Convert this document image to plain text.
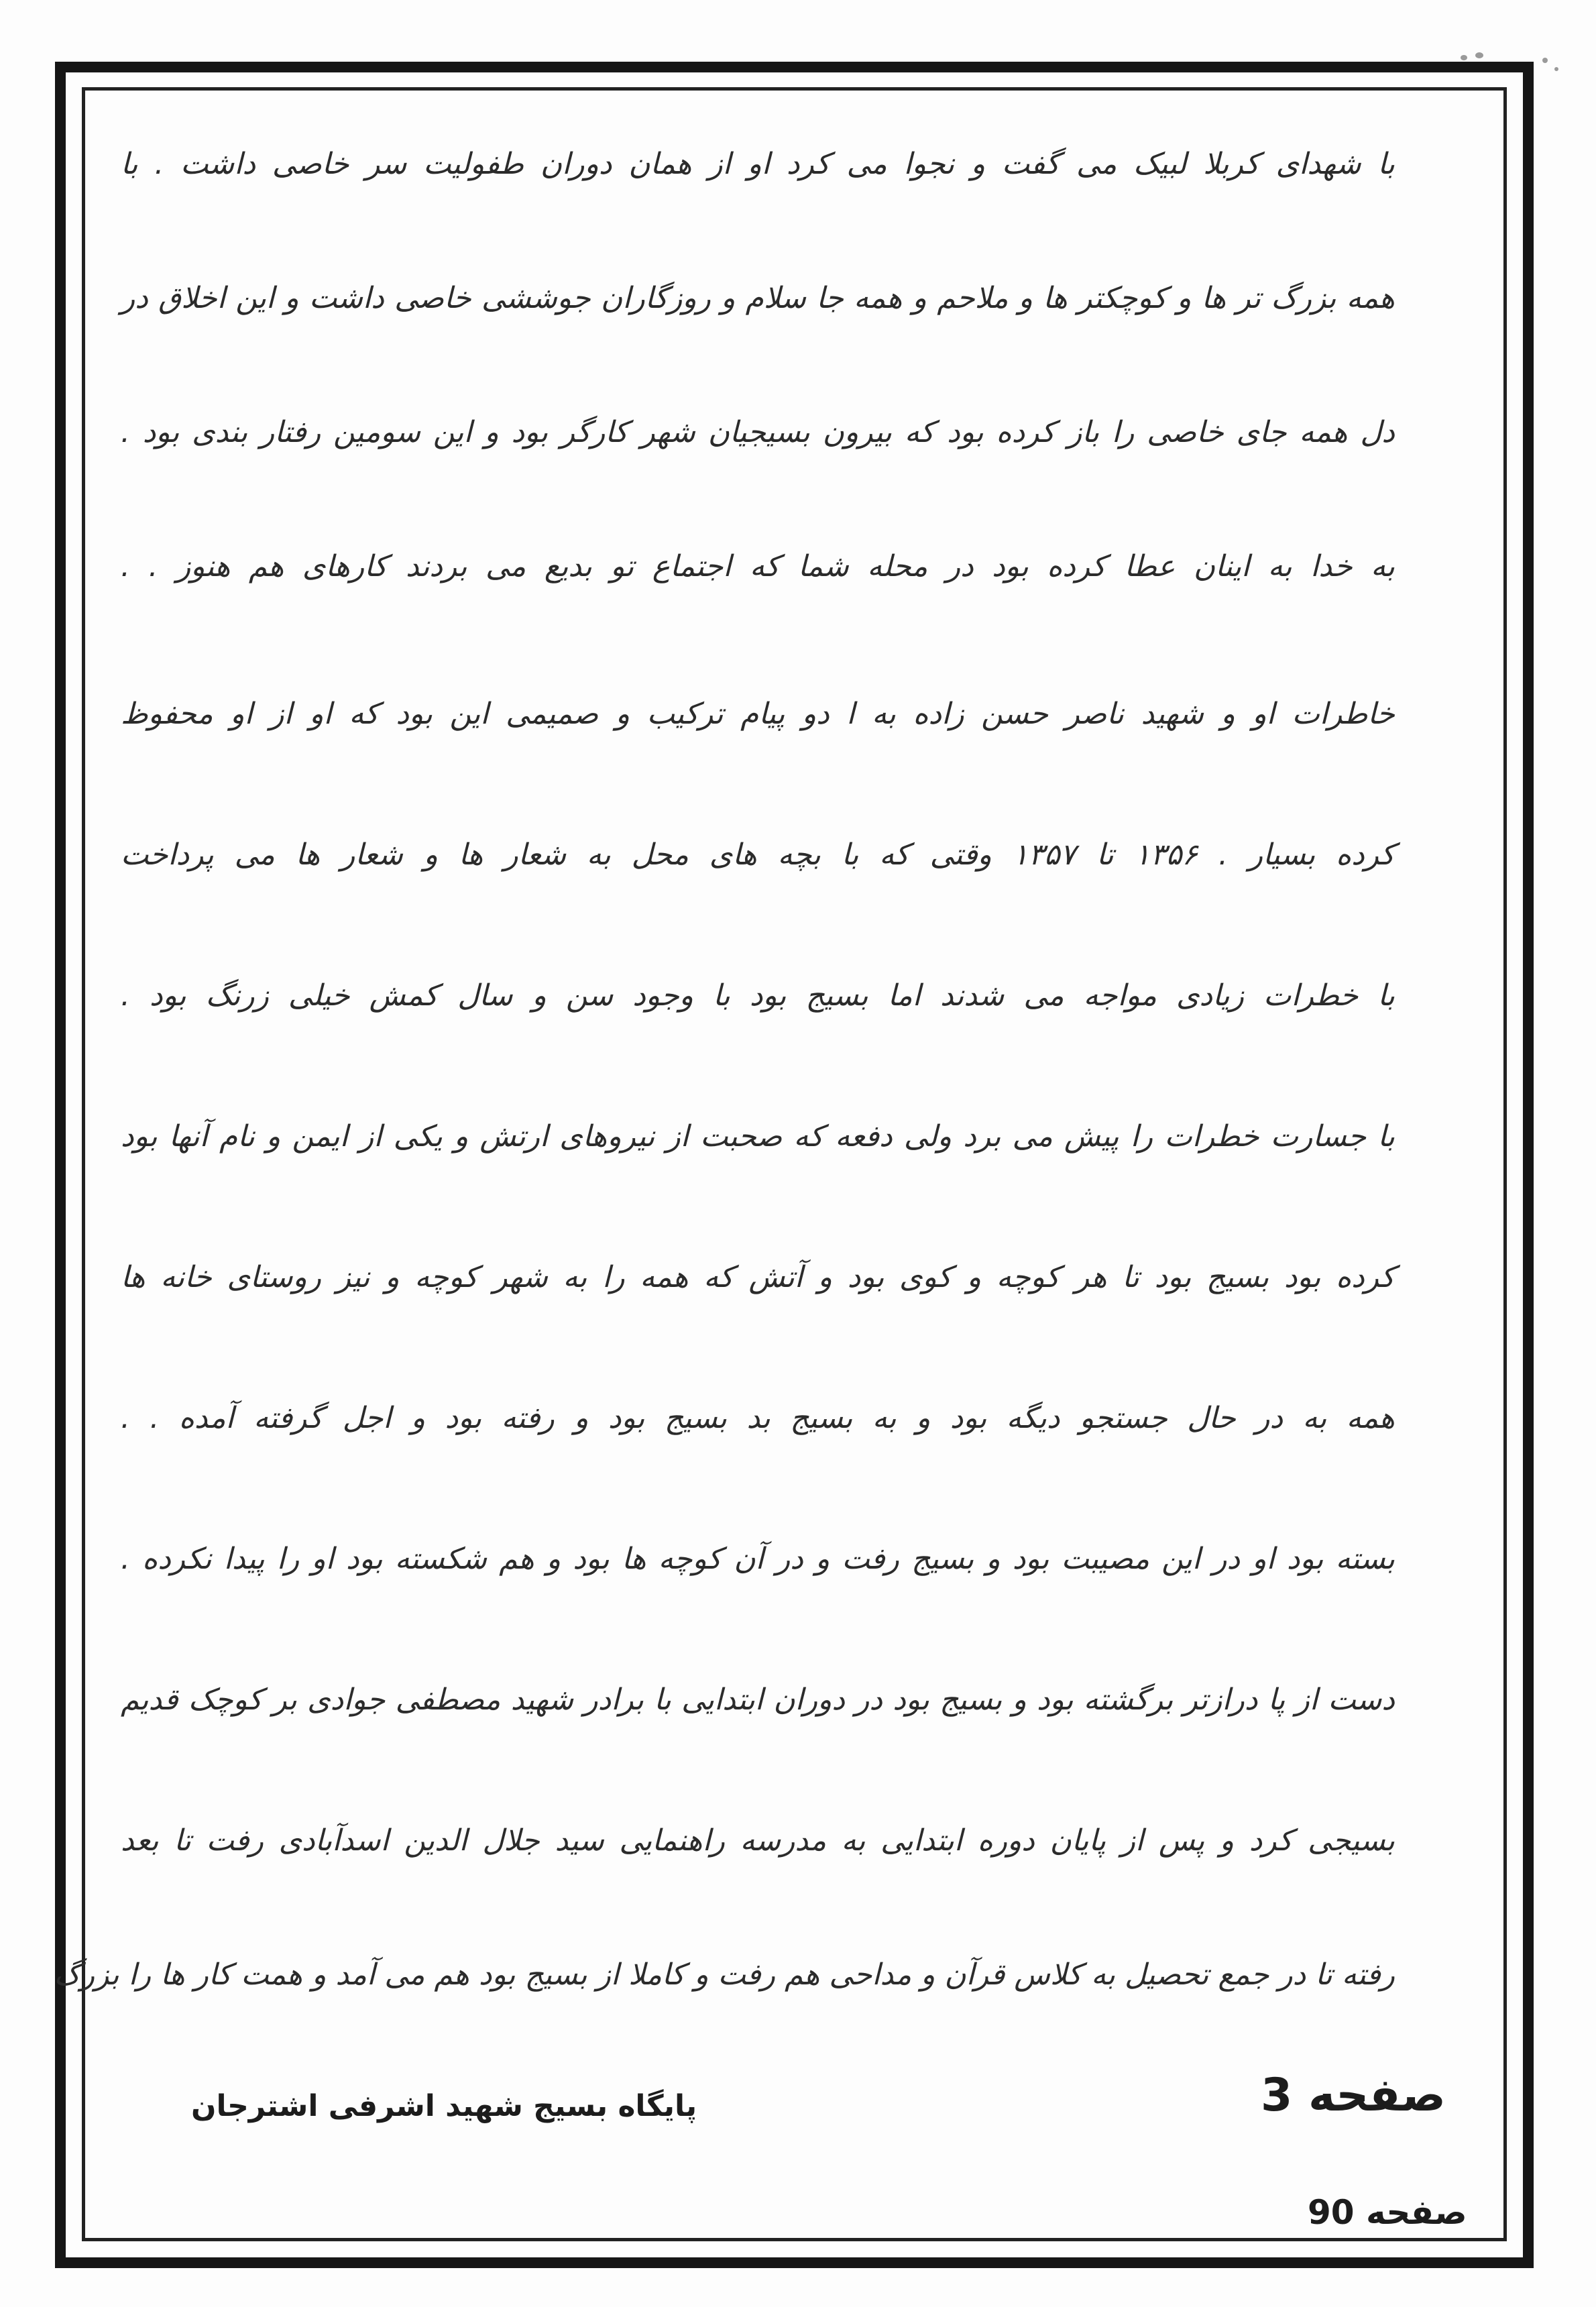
با شهدای کربلا لبیک می گفت و نجوا می کرد او از همان دوران طفولیت سر خاصی داشت . با
همه بزرگ تر ها و کوچکتر ها و ملاحم و همه جا سلام و روزگاران جوششی خاصی داشت و این اخلاق در
دل همه جای خاصی را باز کرده بود که بیرون بسیجیان شهر کارگر بود و این سومین رفتار بندی بود .
به خدا به اینان عطا کرده بود در محله شما که اجتماع تو بدیع می بردند کارهای هم هنوز . .
خاطرات او و شهید ناصر حسن زاده به ا دو پیام ترکیب و صمیمی این بود که او از او محفوظ
کرده بسیار . ۱۳۵۶ تا ۱۳۵۷ وقتی که با بچه های محل به شعار ها و شعار ها می پرداخت
با خطرات زیادی مواجه می شدند اما بسیج بود با وجود سن و سال کمش خیلی زرنگ بود .
با جسارت خطرات را پیش می برد ولی دفعه که صحبت از نیروهای ارتش و یکی از ایمن و نام آنها بود
کرده بود بسیج بود تا هر کوچه و کوی بود و آتش که همه را به شهر کوچه و نیز روستای خانه ها
همه به در حال جستجو دیگه بود و به بسیج بد بسیج بود و رفته بود و اجل گرفته آمده . .
بسته بود او در این مصیبت بود و بسیج رفت و در آن کوچه ها بود و هم شکسته بود او را پیدا نکرده .
دست از پا درازتر برگشته بود و بسیج بود در دوران ابتدایی با برادر شهید مصطفی جوادی بر کوچک قدیم
بسیجی کرد و پس از پایان دوره ابتدایی به مدرسه راهنمایی سید جلال الدین اسدآبادی رفت تا بعد
رفته تا در جمع تحصیل به کلاس قرآن و مداحی هم رفت و کاملا از بسیج بود هم می آمد و همت کار ها را بزرگ
صفحه 3
پایگاه بسیج شهید اشرفی اشترجان
صفحه 90
